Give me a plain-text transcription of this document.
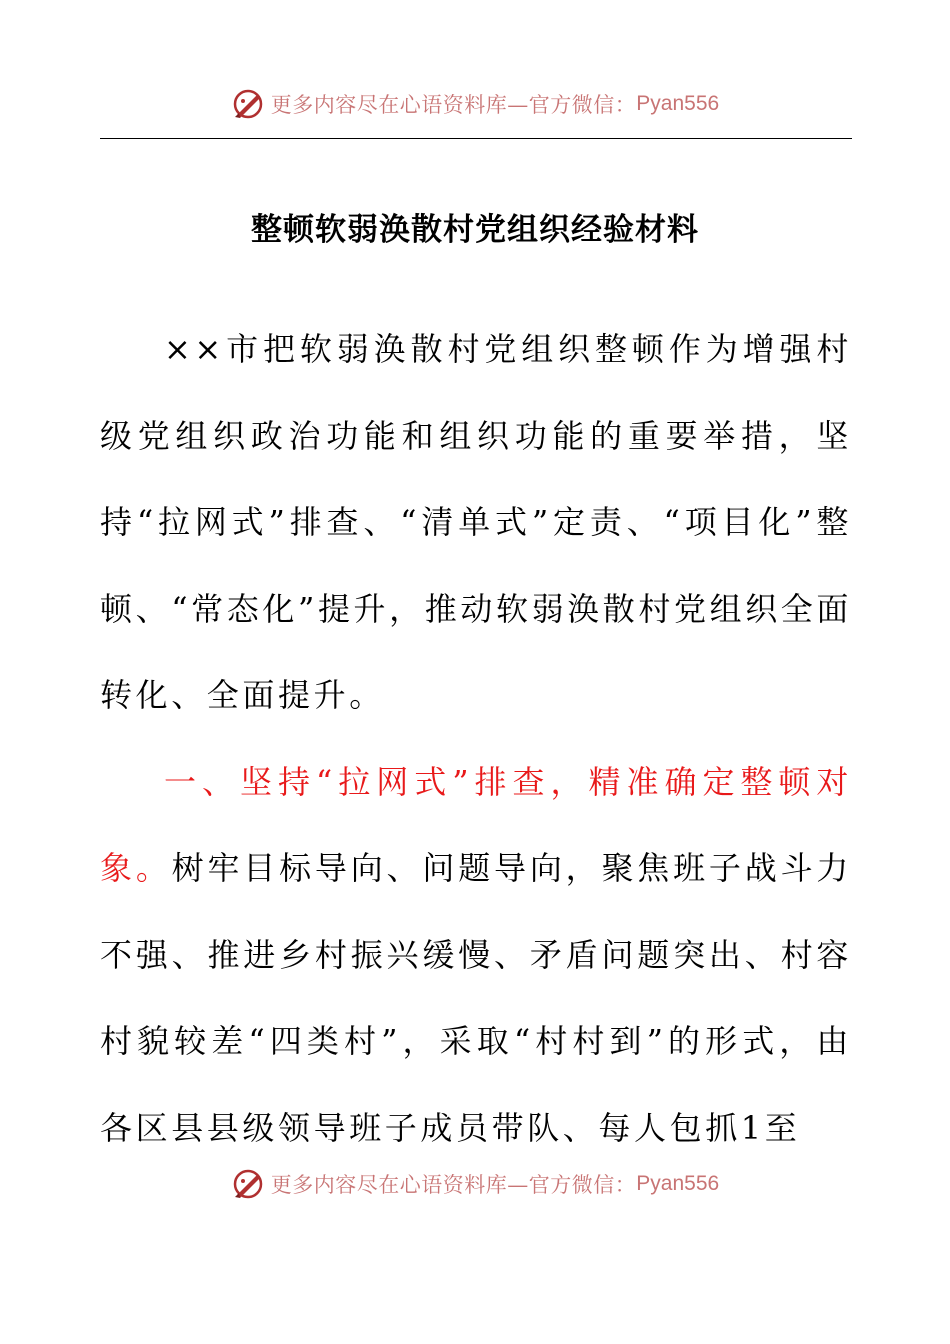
更多内容尽在心语资料库—官方微信： Pyan556
整顿软弱涣散村党组织经验材料

××市把软弱涣散村党组织整顿作为增强村级党组织政治功能和组织功能的重要举措，坚持“拉网式”排查、“清单式”定责、“项目化”整顿、“常态化”提升，推动软弱涣散村党组织全面转化、全面提升。

一、坚持“拉网式”排查，精准确定整顿对象。树牢目标导向、问题导向，聚焦班子战斗力不强、推进乡村振兴缓慢、矛盾问题突出、村容村貌较差“四类村”，采取“村村到”的形式，由各区县县级领导班子成员带队、每人包抓1至

更多内容尽在心语资料库—官方微信： Pyan556
